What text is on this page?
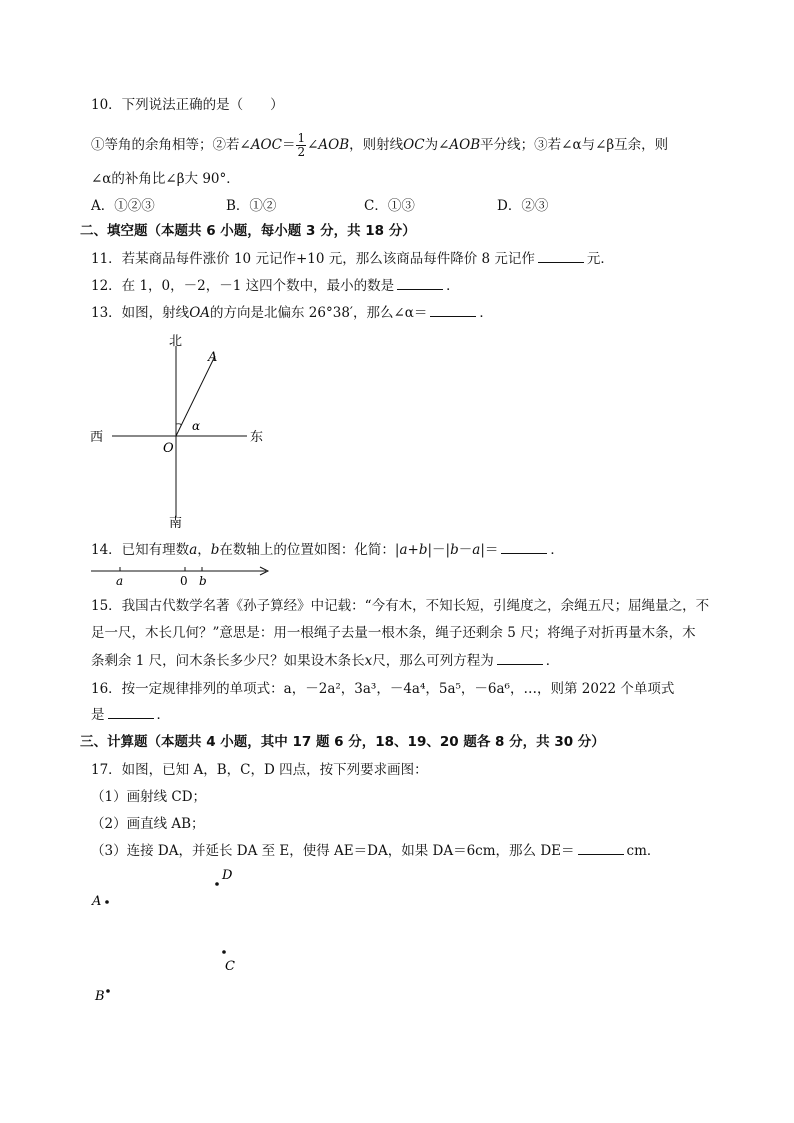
10．下列说法正确的是（　　）
①等角的余角相等；②若∠AOC＝ $\frac{1}{2}$ ∠AOB，则射线OC为∠AOB平分线；③若∠α与∠β互余，则
∠α的补角比∠β大 90°．
A．①②③	B．①②	C．①③	D．②③
二、填空题（本题共 6 小题，每小题 3 分，共 18 分）
11．若某商品每件涨价 10 元记作+10 元，那么该商品每件降价 8 元记作	元．
12．在 1，0，－2，－1 这四个数中，最小的数是	．
13．如图，射线OA的方向是北偏东 26°38′，那么∠α＝	．
北
南
西	东
O
A
α
a	0 b
D
A
C
B
14．已知有理数a，b在数轴上的位置如图：化简：|a+b|－|b－a|＝	．
15．我国古代数学名著《孙子算经》中记载：“今有木，不知长短，引绳度之，余绳五尺；屈绳量之，不
足一尺，木长几何？”意思是：用一根绳子去量一根木条，绳子还剩余 5 尺；将绳子对折再量木条，木
条剩余 1 尺，问木条长多少尺？如果设木条长x尺，那么可列方程为	．
16．按一定规律排列的单项式：a，－2a²，3a³，－4a⁴，5a⁵，－6a⁶，…，则第 2022 个单项式
是	．
三、计算题（本题共 4 小题，其中 17 题 6 分，18、19、20 题各 8 分，共 30 分）
17．如图，已知 A，B，C，D 四点，按下列要求画图：
（1）画射线 CD；
（2）画直线 AB；
（3）连接 DA，并延长 DA 至 E，使得 AE＝DA，如果 DA＝6cm，那么 DE＝	cm．
